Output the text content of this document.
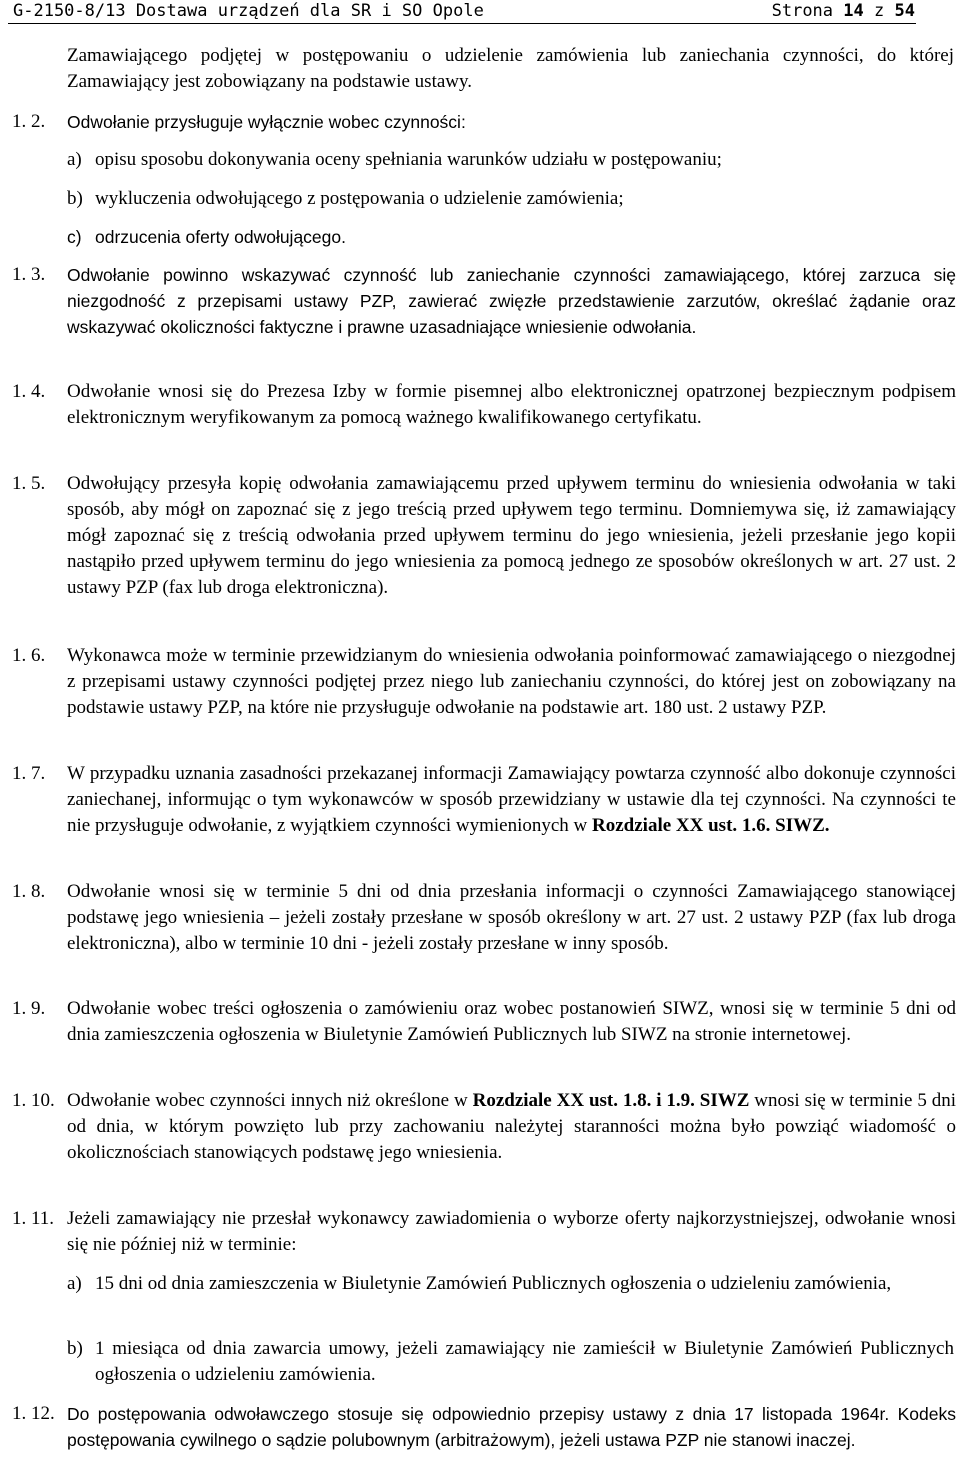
G-2150-8/13 Dostawa urządzeń dla SR i SO Opole	Strona 14 z 54
Zamawiającego podjętej w postępowaniu o udzielenie zamówienia lub zaniechania czynności, do której Zamawiający jest zobowiązany na podstawie ustawy.
1. 2.	Odwołanie przysługuje wyłącznie wobec czynności:
a) opisu sposobu dokonywania oceny spełniania warunków udziału w postępowaniu;
b) wykluczenia odwołującego z postępowania o udzielenie zamówienia;
c) odrzucenia oferty odwołującego.
1. 3.	Odwołanie powinno wskazywać czynność lub zaniechanie czynności zamawiającego, której zarzuca się niezgodność z przepisami ustawy PZP, zawierać zwięzłe przedstawienie zarzutów, określać żądanie oraz wskazywać okoliczności faktyczne i prawne uzasadniające wniesienie odwołania.
1. 4.	Odwołanie wnosi się do Prezesa Izby w formie pisemnej albo elektronicznej opatrzonej bezpiecznym podpisem elektronicznym weryfikowanym za pomocą ważnego kwalifikowanego certyfikatu.
1. 5.	Odwołujący przesyła kopię odwołania zamawiającemu przed upływem terminu do wniesienia odwołania w taki sposób, aby mógł on zapoznać się z jego treścią przed upływem tego terminu. Domniemywa się, iż zamawiający mógł zapoznać się z treścią odwołania przed upływem terminu do jego wniesienia, jeżeli przesłanie jego kopii nastąpiło przed upływem terminu do jego wniesienia za pomocą jednego ze sposobów określonych w art. 27 ust. 2 ustawy PZP (fax lub droga elektroniczna).
1. 6.	Wykonawca może w terminie przewidzianym do wniesienia odwołania poinformować zamawiającego o niezgodnej z przepisami ustawy czynności podjętej przez niego lub zaniechaniu czynności, do której jest on zobowiązany na podstawie ustawy PZP, na które nie przysługuje odwołanie na podstawie art. 180 ust. 2 ustawy PZP.
1. 7.	W przypadku uznania zasadności przekazanej informacji Zamawiający powtarza czynność albo dokonuje czynności zaniechanej, informując o tym wykonawców w sposób przewidziany w ustawie dla tej czynności. Na czynności te nie przysługuje odwołanie, z wyjątkiem czynności wymienionych w Rozdziale XX ust. 1.6. SIWZ.
1. 8.	Odwołanie wnosi się w terminie 5 dni od dnia przesłania informacji o czynności Zamawiającego stanowiącej podstawę jego wniesienia – jeżeli zostały przesłane w sposób określony w art. 27 ust. 2 ustawy PZP (fax lub droga elektroniczna), albo w terminie 10 dni - jeżeli zostały przesłane w inny sposób.
1. 9.	Odwołanie wobec treści ogłoszenia o zamówieniu oraz wobec postanowień SIWZ, wnosi się w terminie 5 dni od dnia zamieszczenia ogłoszenia w Biuletynie Zamówień Publicznych lub SIWZ na stronie internetowej.
1. 10. Odwołanie wobec czynności innych niż określone w Rozdziale XX ust. 1.8. i 1.9. SIWZ wnosi się w terminie 5 dni od dnia, w którym powzięto lub przy zachowaniu należytej staranności można było powziąć wiadomość o okolicznościach stanowiących podstawę jego wniesienia.
1. 11. Jeżeli zamawiający nie przesłał wykonawcy zawiadomienia o wyborze oferty najkorzystniejszej, odwołanie wnosi się nie później niż w terminie:
a) 15 dni od dnia zamieszczenia w Biuletynie Zamówień Publicznych ogłoszenia o udzieleniu zamówienia,
b) 1 miesiąca od dnia zawarcia umowy, jeżeli zamawiający nie zamieścił w Biuletynie Zamówień Publicznych ogłoszenia o udzieleniu zamówienia.
1. 12. Do postępowania odwoławczego stosuje się odpowiednio przepisy ustawy z dnia 17 listopada 1964r. Kodeks postępowania cywilnego o sądzie polubownym (arbitrażowym), jeżeli ustawa PZP nie stanowi inaczej.
